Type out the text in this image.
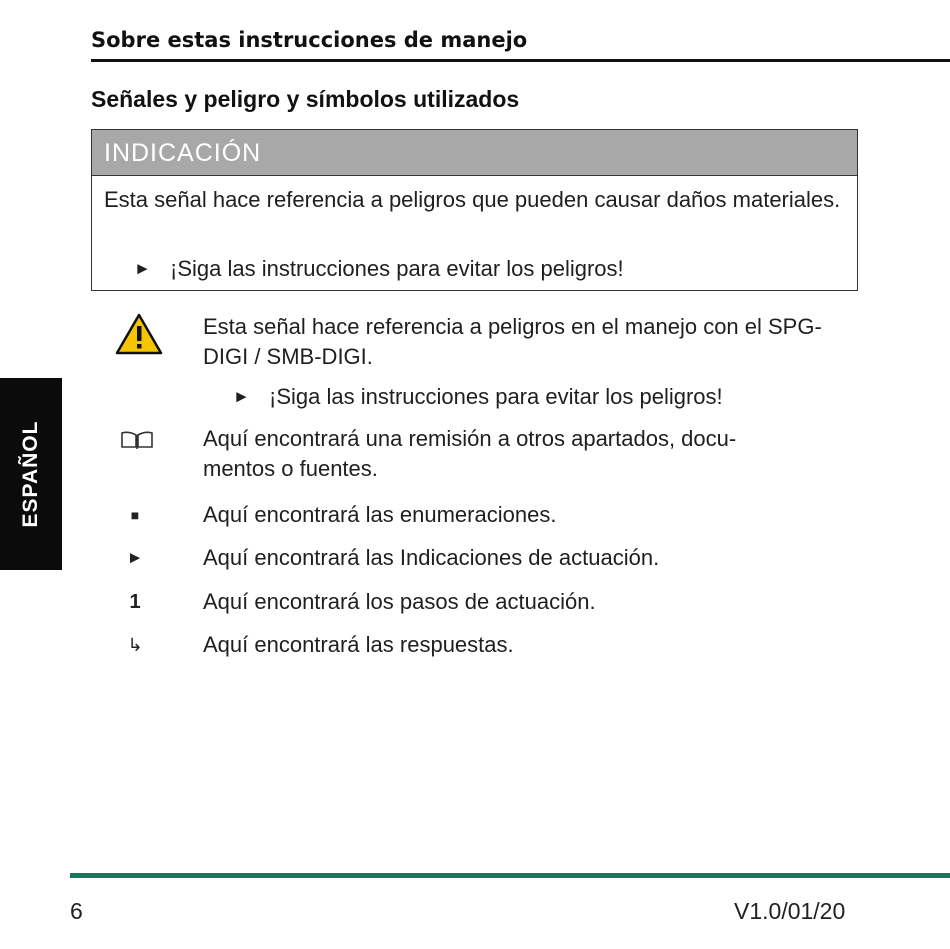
Sobre estas instrucciones de manejo
Señales y peligro y símbolos utilizados
INDICACIÓN
Esta señal hace referencia a peligros que pueden causar daños materiales.
► ¡Siga las instrucciones para evitar los peligros!
Esta señal hace referencia a peligros en el manejo con el SPG-DIGI / SMB-DIGI.
► ¡Siga las instrucciones para evitar los peligros!
Aquí encontrará una remisión a otros apartados, docu-
mentos o fuentes.
■	Aquí encontrará las enumeraciones.
►	Aquí encontrará las Indicaciones de actuación.
1	Aquí encontrará los pasos de actuación.
↳	Aquí encontrará las respuestas.
ESPAÑOL
6	V1.0/01/20
